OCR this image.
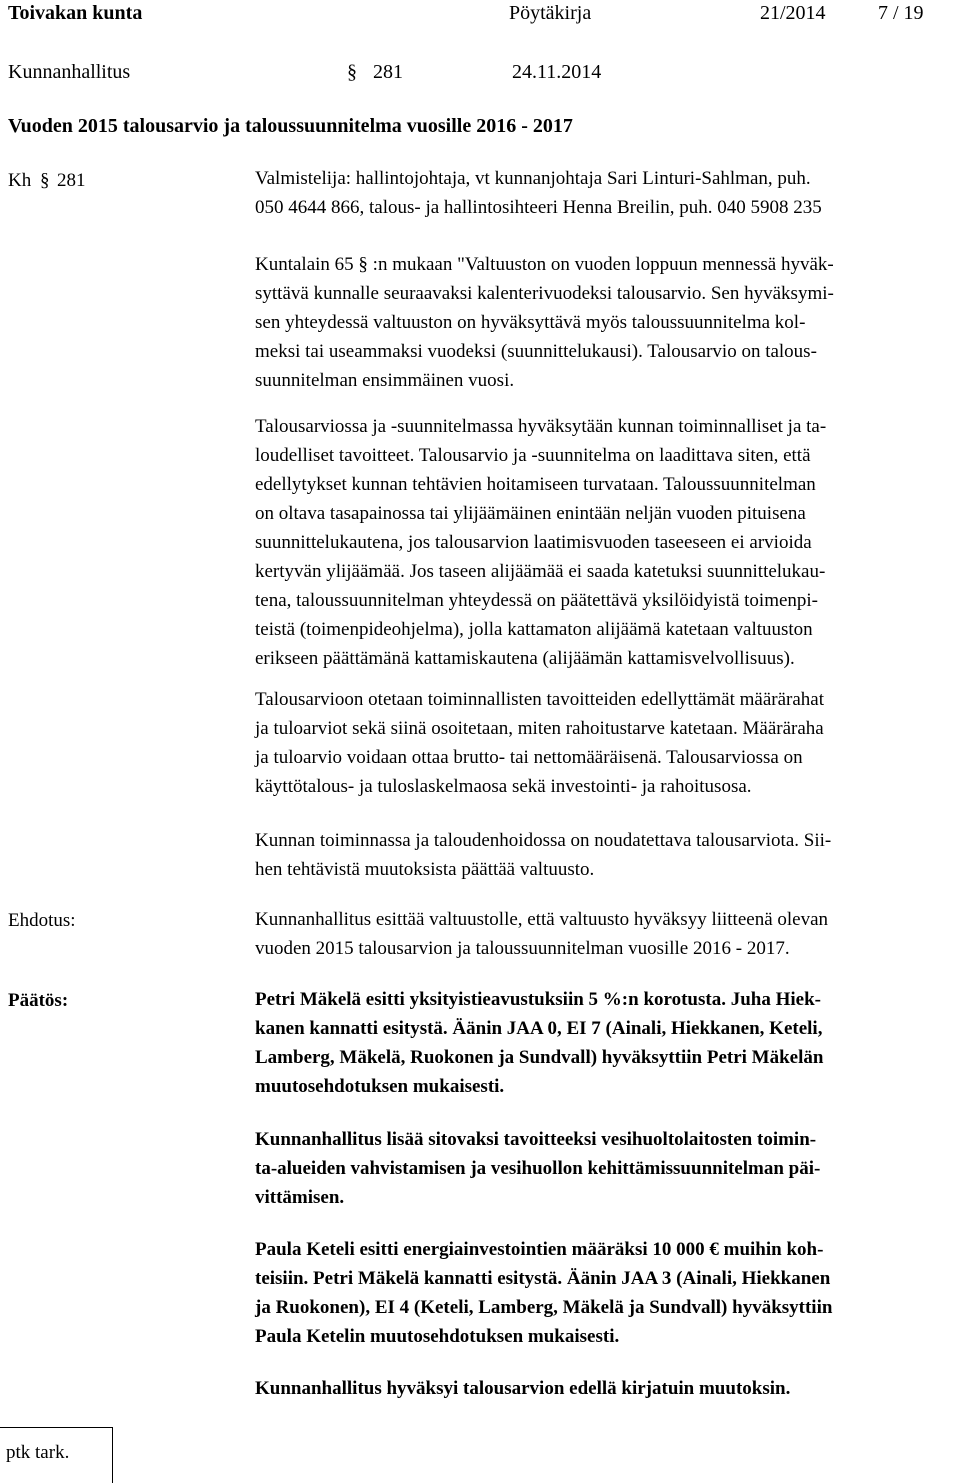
Toivakan kunta	Pöytäkirja	21/2014	7 / 19
Kunnanhallitus	§ 281	24.11.2014
Vuoden 2015 talousarvio ja taloussuunnitelma vuosille 2016 - 2017
Kh § 281	Valmistelija: hallintojohtaja, vt kunnanjohtaja Sari Linturi-Sahlman, puh.

050 4644 866, talous- ja hallintosihteeri Henna Breilin, puh. 040 5908 235

Kuntalain 65 § :n mukaan "Valtuuston on vuoden loppuun mennessä hyväk-

syttävä kunnalle seuraavaksi kalenterivuodeksi talousarvio. Sen hyväksymi-

sen yhteydessä valtuuston on hyväksyttävä myös taloussuunnitelma kol-

meksi tai useammaksi vuodeksi (suunnittelukausi). Talousarvio on talous-

suunnitelman ensimmäinen vuosi.

Talousarviossa ja -suunnitelmassa hyväksytään kunnan toiminnalliset ja ta-

loudelliset tavoitteet. Talousarvio ja -suunnitelma on laadittava siten, että

edellytykset kunnan tehtävien hoitamiseen turvataan. Taloussuunnitelman

on oltava tasapainossa tai ylijäämäinen enintään neljän vuoden pituisena

suunnittelukautena, jos talousarvion laatimisvuoden taseeseen ei arvioida

kertyvän ylijäämää. Jos taseen alijäämää ei saada katetuksi suunnittelukau-

tena, taloussuunnitelman yhteydessä on päätettävä yksilöidyistä toimenpi-

teistä (toimenpideohjelma), jolla kattamaton alijäämä katetaan valtuuston

erikseen päättämänä kattamiskautena (alijäämän kattamisvelvollisuus).

Talousarvioon otetaan toiminnallisten tavoitteiden edellyttämät määrärahat

ja tuloarviot sekä siinä osoitetaan, miten rahoitustarve katetaan. Määräraha

ja tuloarvio voidaan ottaa brutto- tai nettomääräisenä. Talousarviossa on

käyttötalous- ja tuloslaskelmaosa sekä investointi- ja rahoitusosa.

Kunnan toiminnassa ja taloudenhoidossa on noudatettava talousarviota. Sii-

hen tehtävistä muutoksista päättää valtuusto.

Ehdotus:	Kunnanhallitus esittää valtuustolle, että valtuusto hyväksyy liitteenä olevan

vuoden 2015 talousarvion ja taloussuunnitelman vuosille 2016 - 2017.

Päätös:	Petri Mäkelä esitti yksityistieavustuksiin 5 %:n korotusta. Juha Hiek-

kanen kannatti esitystä. Äänin JAA 0, EI 7 (Ainali, Hiekkanen, Keteli,

Lamberg, Mäkelä, Ruokonen ja Sundvall) hyväksyttiin Petri Mäkelän

muutosehdotuksen mukaisesti.

Kunnanhallitus lisää sitovaksi tavoitteeksi vesihuoltolaitosten toimin-

ta-alueiden vahvistamisen ja vesihuollon kehittämissuunnitelman päi-

vittämisen.

Paula Keteli esitti energiainvestointien määräksi 10 000 € muihin koh-

teisiin. Petri Mäkelä kannatti esitystä. Äänin JAA 3 (Ainali, Hiekkanen

ja Ruokonen), EI 4 (Keteli, Lamberg, Mäkelä ja Sundvall) hyväksyttiin

Paula Ketelin muutosehdotuksen mukaisesti.

Kunnanhallitus hyväksyi talousarvion edellä kirjatuin muutoksin.

ptk tark.
